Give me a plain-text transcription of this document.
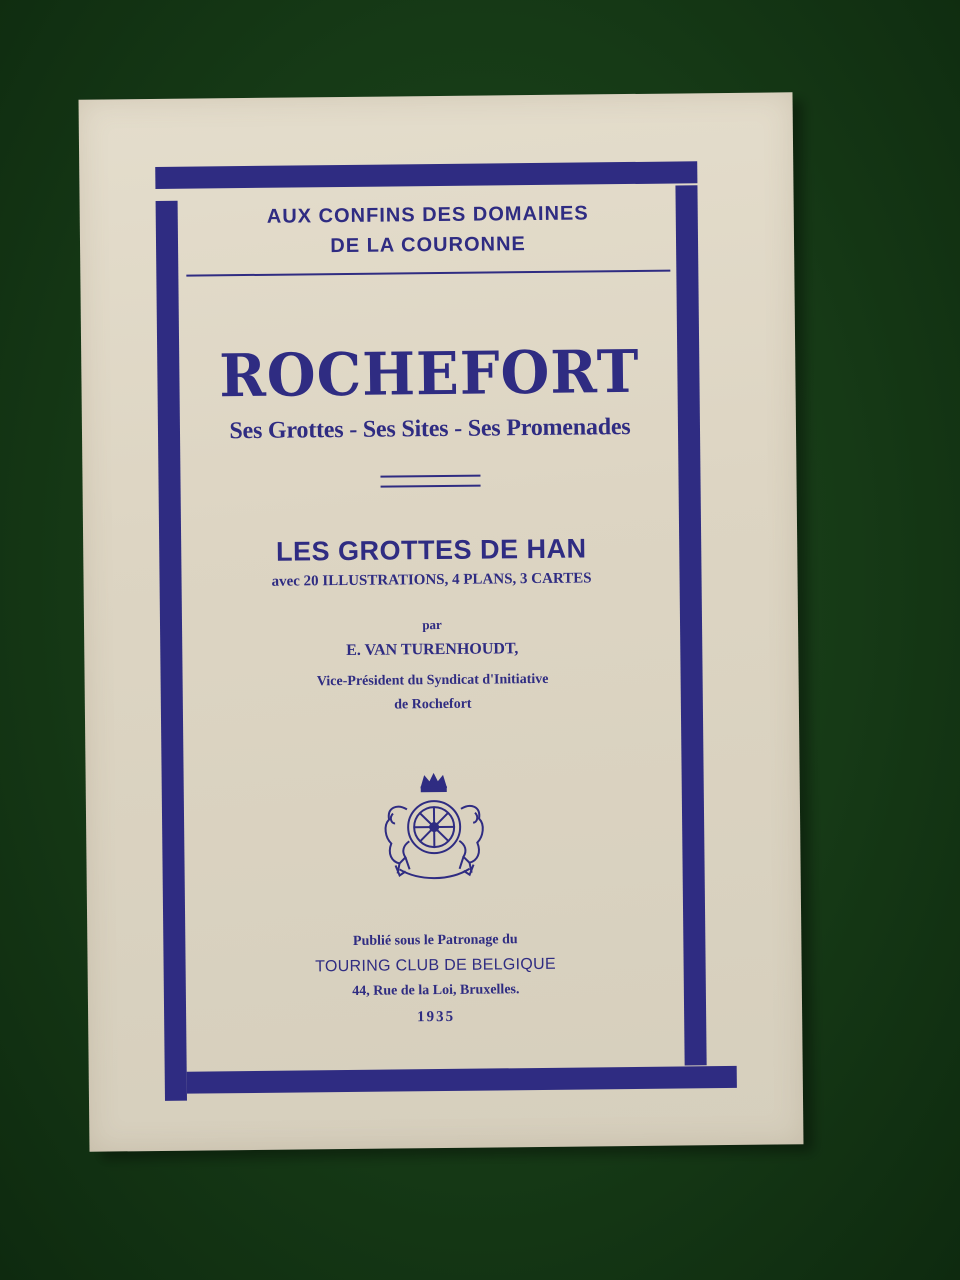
AUX CONFINS DES DOMAINES
DE LA COURONNE
ROCHEFORT
Ses Grottes - Ses Sites - Ses Promenades
LES GROTTES DE HAN
avec 20 ILLUSTRATIONS, 4 PLANS, 3 CARTES
par
E. VAN TURENHOUDT,
Vice-Président du Syndicat d'Initiative
de Rochefort
Publié sous le Patronage du
TOURING CLUB DE BELGIQUE
44, Rue de la Loi, Bruxelles.
1935
